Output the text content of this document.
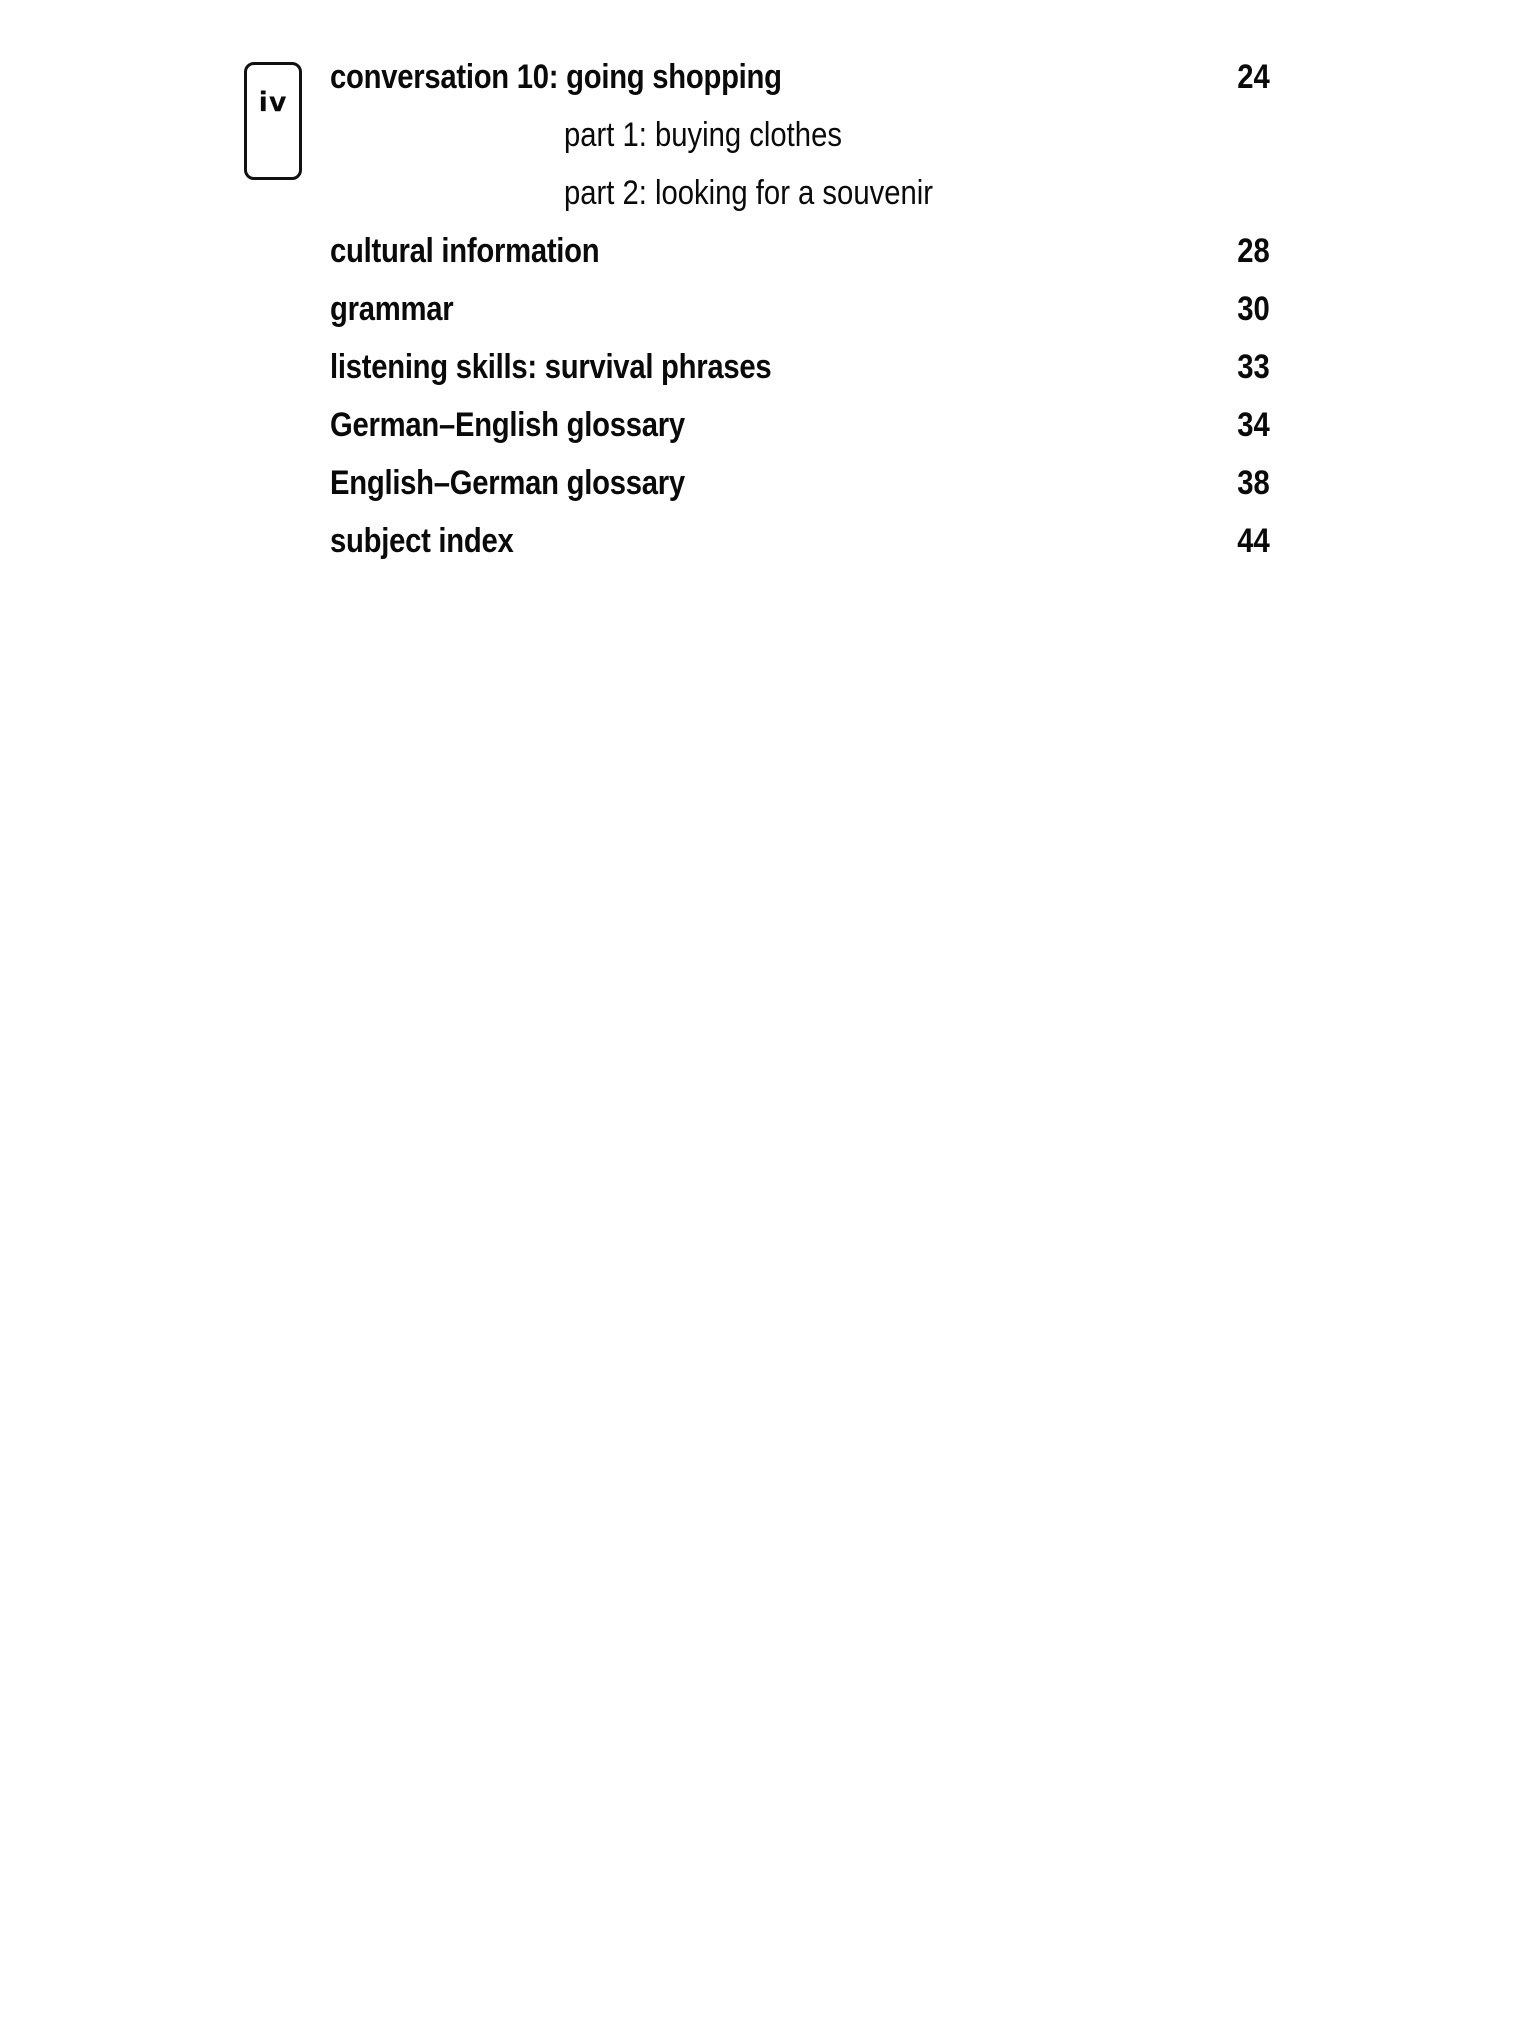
iv
conversation 10: going shopping	24
part 1: buying clothes
part 2: looking for a souvenir
cultural information	28
grammar	30
listening skills: survival phrases	33
German–English glossary	34
English–German glossary	38
subject index	44
